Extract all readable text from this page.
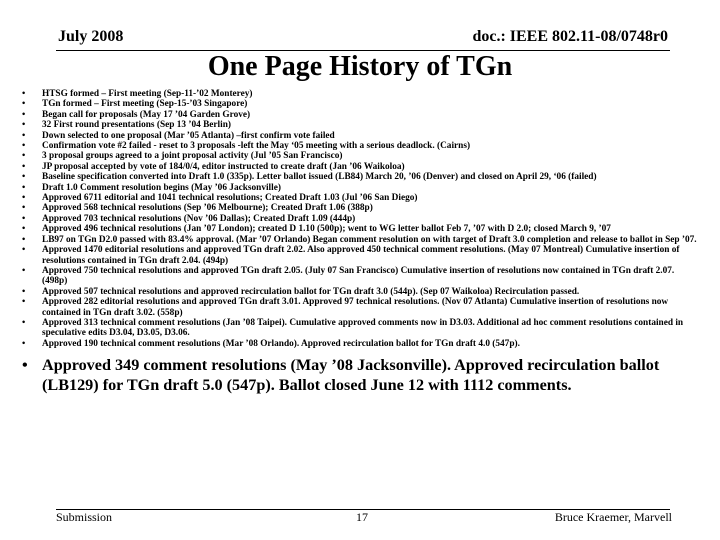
July 2008	doc.: IEEE 802.11-08/0748r0
One Page History of TGn
•	HTSG formed – First meeting (Sep-11-’02 Monterey)
•	TGn formed – First meeting (Sep-15-’03 Singapore)
•	Began call for proposals (May 17 ’04 Garden Grove)
•	32 First round presentations (Sep 13 ’04 Berlin)
•	Down selected to one proposal (Mar ’05 Atlanta) –first confirm vote failed
•	Confirmation vote #2 failed - reset to 3 proposals -left the May ‘05 meeting with a serious deadlock. (Cairns)
•	3 proposal groups agreed to a joint proposal activity (Jul ’05 San Francisco)
•	JP proposal accepted by vote of 184/0/4, editor instructed to create draft (Jan ’06 Waikoloa)
•	Baseline specification converted into Draft 1.0 (335p). Letter ballot issued (LB84) March 20, ’06 (Denver) and closed on April 29, ‘06 (failed)
•	Draft 1.0 Comment resolution begins (May ’06 Jacksonville)
•	Approved 6711 editorial and 1041 technical resolutions; Created Draft 1.03 (Jul ’06 San Diego)
•	Approved 568 technical resolutions (Sep ’06 Melbourne); Created Draft 1.06 (388p)
•	Approved 703 technical resolutions (Nov ’06 Dallas); Created Draft 1.09 (444p)
•	Approved 496 technical resolutions (Jan ’07 London); created D 1.10 (500p); went to WG letter ballot Feb 7, ’07 with D 2.0; closed March 9, ’07
•	LB97 on TGn D2.0 passed with 83.4% approval. (Mar ’07 Orlando) Began comment resolution on with target of Draft 3.0 completion and release to ballot in Sep ’07.
•	Approved 1470 editorial resolutions and approved TGn draft 2.02. Also approved 450 technical comment resolutions. (May 07 Montreal) Cumulative insertion of resolutions contained in TGn draft 2.04. (494p)
•	Approved 750 technical resolutions and approved TGn draft 2.05. (July 07 San Francisco) Cumulative insertion of resolutions now contained in TGn draft 2.07. (498p)
•	Approved 507 technical resolutions and approved recirculation ballot for TGn draft 3.0 (544p). (Sep 07 Waikoloa) Recirculation passed.
•	Approved 282 editorial resolutions and approved TGn draft 3.01. Approved 97 technical resolutions. (Nov 07 Atlanta) Cumulative insertion of resolutions now contained in TGn draft 3.02. (558p)
•	Approved 313 technical comment resolutions (Jan ’08 Taipei). Cumulative approved comments now in D3.03. Additional ad hoc comment resolutions contained in speculative edits D3.04, D3.05, D3.06.
•	Approved 190 technical comment resolutions (Mar ’08 Orlando). Approved recirculation ballot for TGn draft 4.0 (547p).
• Approved 349 comment resolutions (May ’08 Jacksonville). Approved recirculation ballot (LB129) for TGn draft 5.0 (547p). Ballot closed June 12 with 1112 comments.
Submission	17	Bruce Kraemer, Marvell
